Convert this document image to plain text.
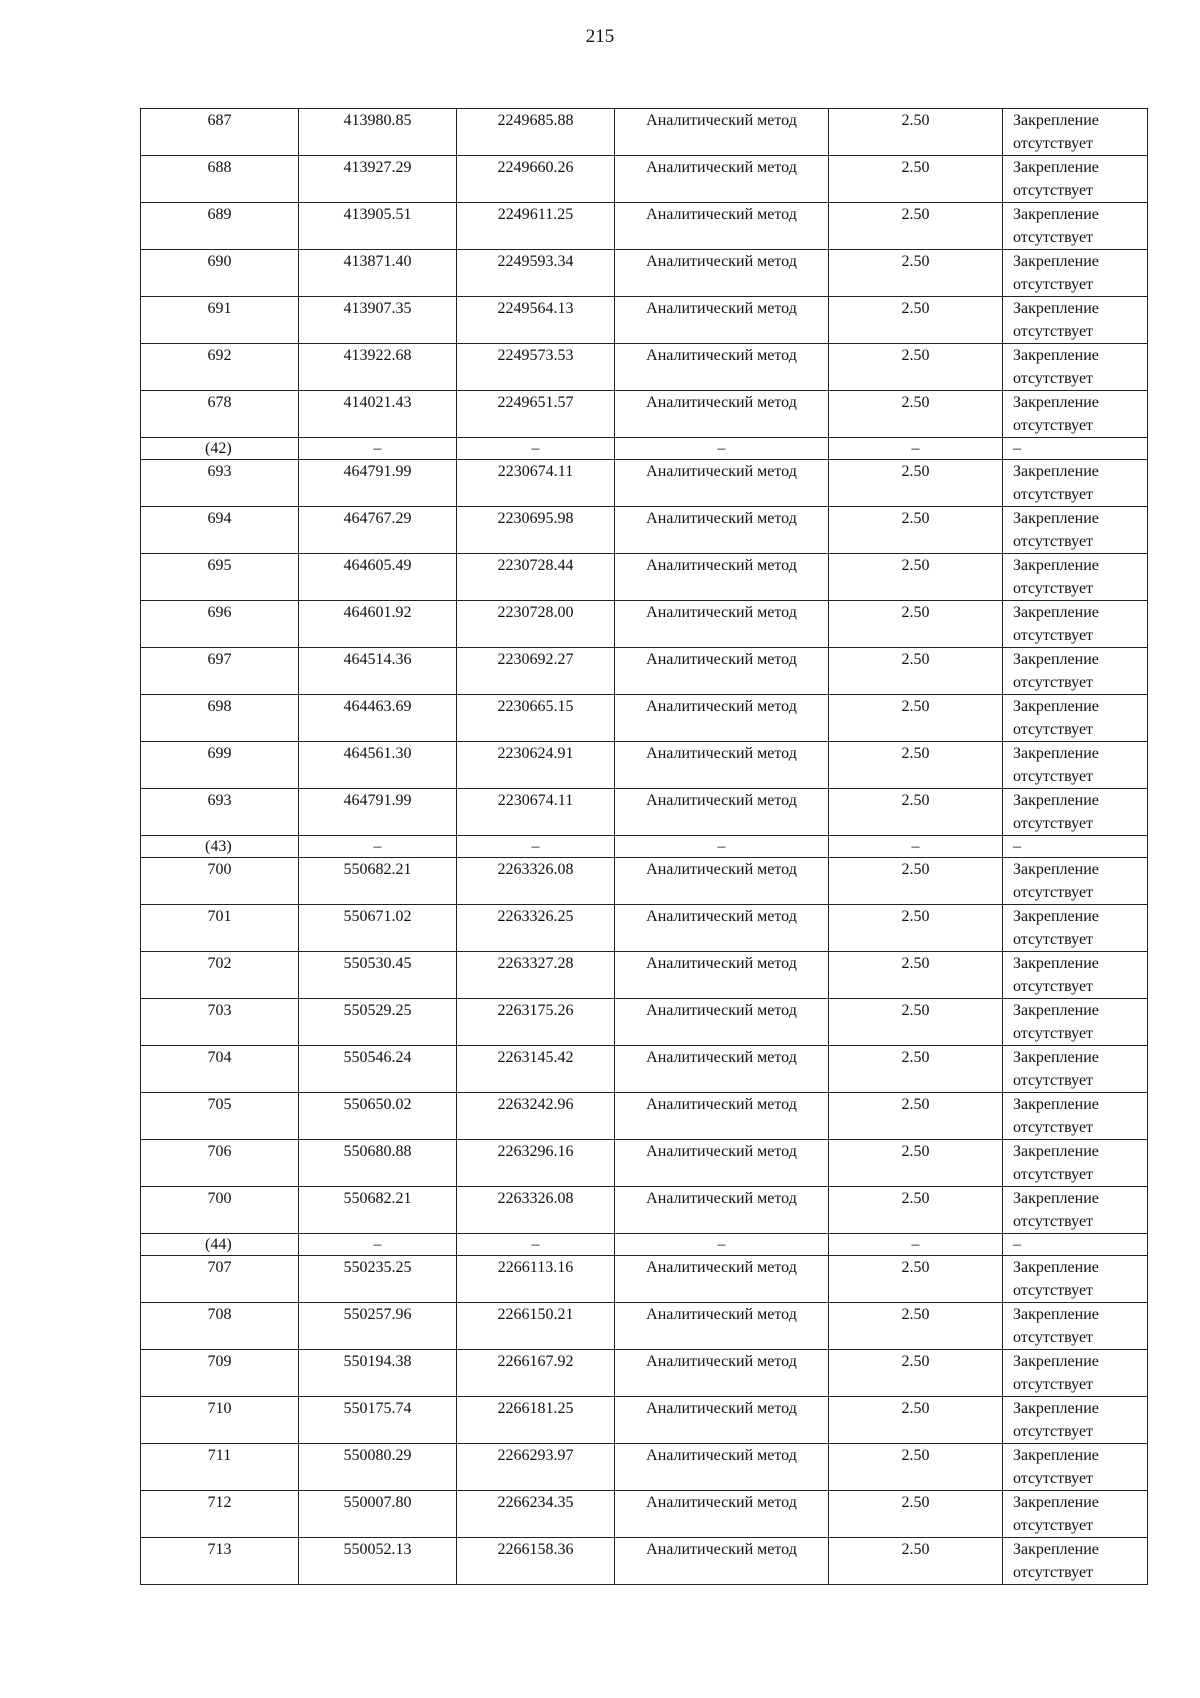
215
687	413980.85	2249685.88	Аналитический метод	2.50	Закрепление отсутствует
688	413927.29	2249660.26	Аналитический метод	2.50	Закрепление отсутствует
689	413905.51	2249611.25	Аналитический метод	2.50	Закрепление отсутствует
690	413871.40	2249593.34	Аналитический метод	2.50	Закрепление отсутствует
691	413907.35	2249564.13	Аналитический метод	2.50	Закрепление отсутствует
692	413922.68	2249573.53	Аналитический метод	2.50	Закрепление отсутствует
678	414021.43	2249651.57	Аналитический метод	2.50	Закрепление отсутствует
(42)	–	–	–	–	–
693	464791.99	2230674.11	Аналитический метод	2.50	Закрепление отсутствует
694	464767.29	2230695.98	Аналитический метод	2.50	Закрепление отсутствует
695	464605.49	2230728.44	Аналитический метод	2.50	Закрепление отсутствует
696	464601.92	2230728.00	Аналитический метод	2.50	Закрепление отсутствует
697	464514.36	2230692.27	Аналитический метод	2.50	Закрепление отсутствует
698	464463.69	2230665.15	Аналитический метод	2.50	Закрепление отсутствует
699	464561.30	2230624.91	Аналитический метод	2.50	Закрепление отсутствует
693	464791.99	2230674.11	Аналитический метод	2.50	Закрепление отсутствует
(43)	–	–	–	–	–
700	550682.21	2263326.08	Аналитический метод	2.50	Закрепление отсутствует
701	550671.02	2263326.25	Аналитический метод	2.50	Закрепление отсутствует
702	550530.45	2263327.28	Аналитический метод	2.50	Закрепление отсутствует
703	550529.25	2263175.26	Аналитический метод	2.50	Закрепление отсутствует
704	550546.24	2263145.42	Аналитический метод	2.50	Закрепление отсутствует
705	550650.02	2263242.96	Аналитический метод	2.50	Закрепление отсутствует
706	550680.88	2263296.16	Аналитический метод	2.50	Закрепление отсутствует
700	550682.21	2263326.08	Аналитический метод	2.50	Закрепление отсутствует
(44)	–	–	–	–	–
707	550235.25	2266113.16	Аналитический метод	2.50	Закрепление отсутствует
708	550257.96	2266150.21	Аналитический метод	2.50	Закрепление отсутствует
709	550194.38	2266167.92	Аналитический метод	2.50	Закрепление отсутствует
710	550175.74	2266181.25	Аналитический метод	2.50	Закрепление отсутствует
711	550080.29	2266293.97	Аналитический метод	2.50	Закрепление отсутствует
712	550007.80	2266234.35	Аналитический метод	2.50	Закрепление отсутствует
713	550052.13	2266158.36	Аналитический метод	2.50	Закрепление отсутствует
